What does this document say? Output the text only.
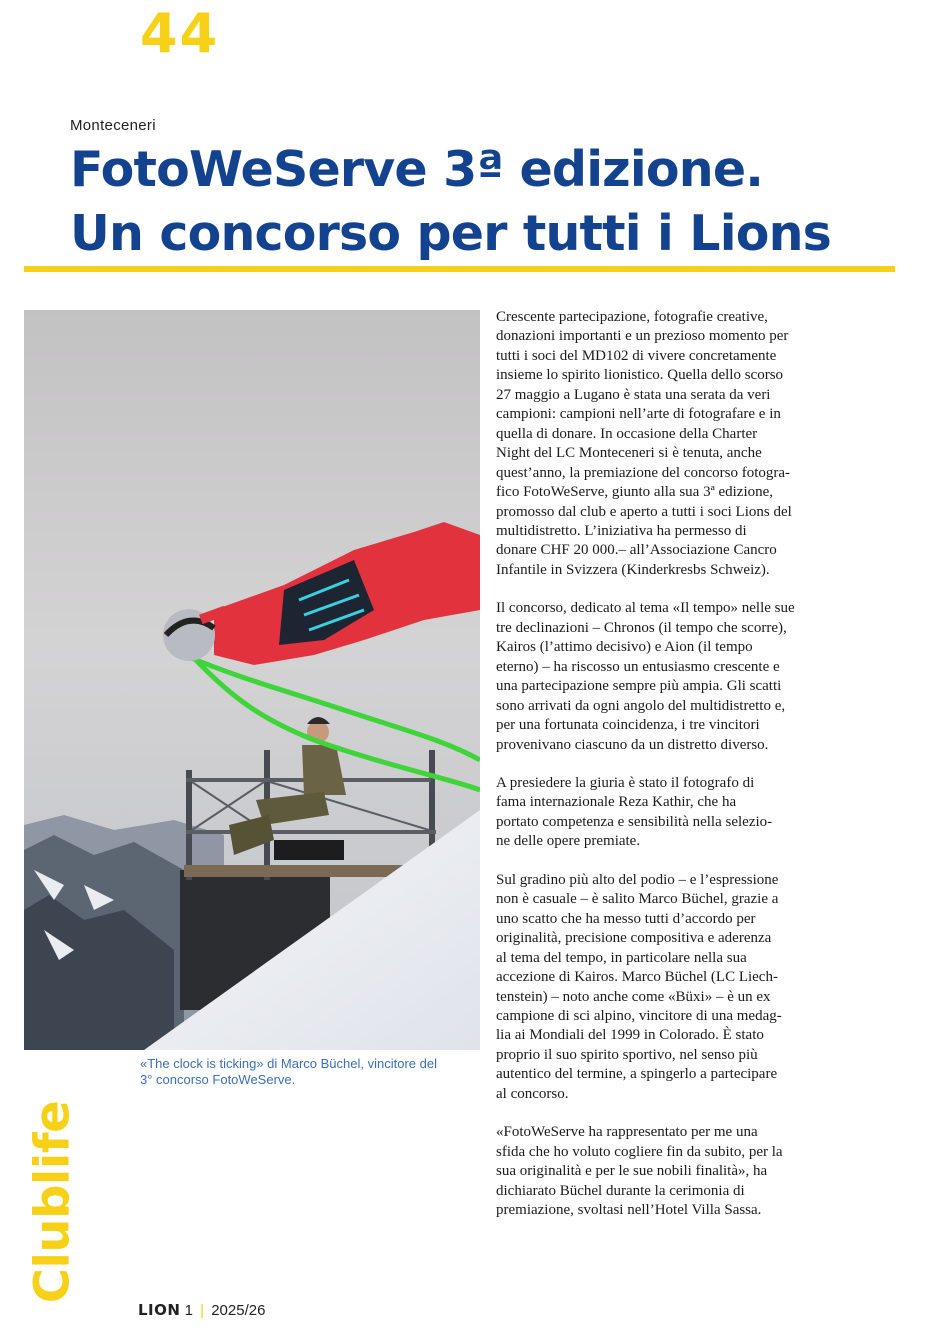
44
Monteceneri
FotoWeServe 3ª edizione.
Un concorso per tutti i Lions
«The clock is ticking» di Marco Büchel, vincitore del
3° concorso FotoWeServe.
Clublife
LION 1 | 2025/26

Crescente partecipazione, fotografie creative,
donazioni importanti e un prezioso momento per
tutti i soci del MD102 di vivere concretamente
insieme lo spirito lionistico. Quella dello scorso
27 maggio a Lugano è stata una serata da veri
campioni: campioni nell’arte di fotografare e in
quella di donare. In occasione della Charter
Night del LC Monteceneri si è tenuta, anche
quest’anno, la premiazione del concorso fotogra-
fico FotoWeServe, giunto alla sua 3ª edizione,
promosso dal club e aperto a tutti i soci Lions del
multidistretto. L’iniziativa ha permesso di
donare CHF 20 000.– all’Associazione Cancro
Infantile in Svizzera (Kinderkresbs Schweiz).

Il concorso, dedicato al tema «Il tempo» nelle sue
tre declinazioni – Chronos (il tempo che scorre),
Kairos (l’attimo decisivo) e Aion (il tempo
eterno) – ha riscosso un entusiasmo crescente e
una partecipazione sempre più ampia. Gli scatti
sono arrivati da ogni angolo del multidistretto e,
per una fortunata coincidenza, i tre vincitori
provenivano ciascuno da un distretto diverso.

A presiedere la giuria è stato il fotografo di
fama internazionale Reza Kathir, che ha
portato competenza e sensibilità nella selezio-
ne delle opere premiate.

Sul gradino più alto del podio – e l’espressione
non è casuale – è salito Marco Büchel, grazie a
uno scatto che ha messo tutti d’accordo per
originalità, precisione compositiva e aderenza
al tema del tempo, in particolare nella sua
accezione di Kairos. Marco Büchel (LC Liech-
tenstein) – noto anche come «Büxi» – è un ex
campione di sci alpino, vincitore di una medag-
lia ai Mondiali del 1999 in Colorado. È stato
proprio il suo spirito sportivo, nel senso più
autentico del termine, a spingerlo a partecipare
al concorso.

«FotoWeServe ha rappresentato per me una
sfida che ho voluto cogliere fin da subito, per la
sua originalità e per le sue nobili finalità», ha
dichiarato Büchel durante la cerimonia di
premiazione, svoltasi nell’Hotel Villa Sassa.
